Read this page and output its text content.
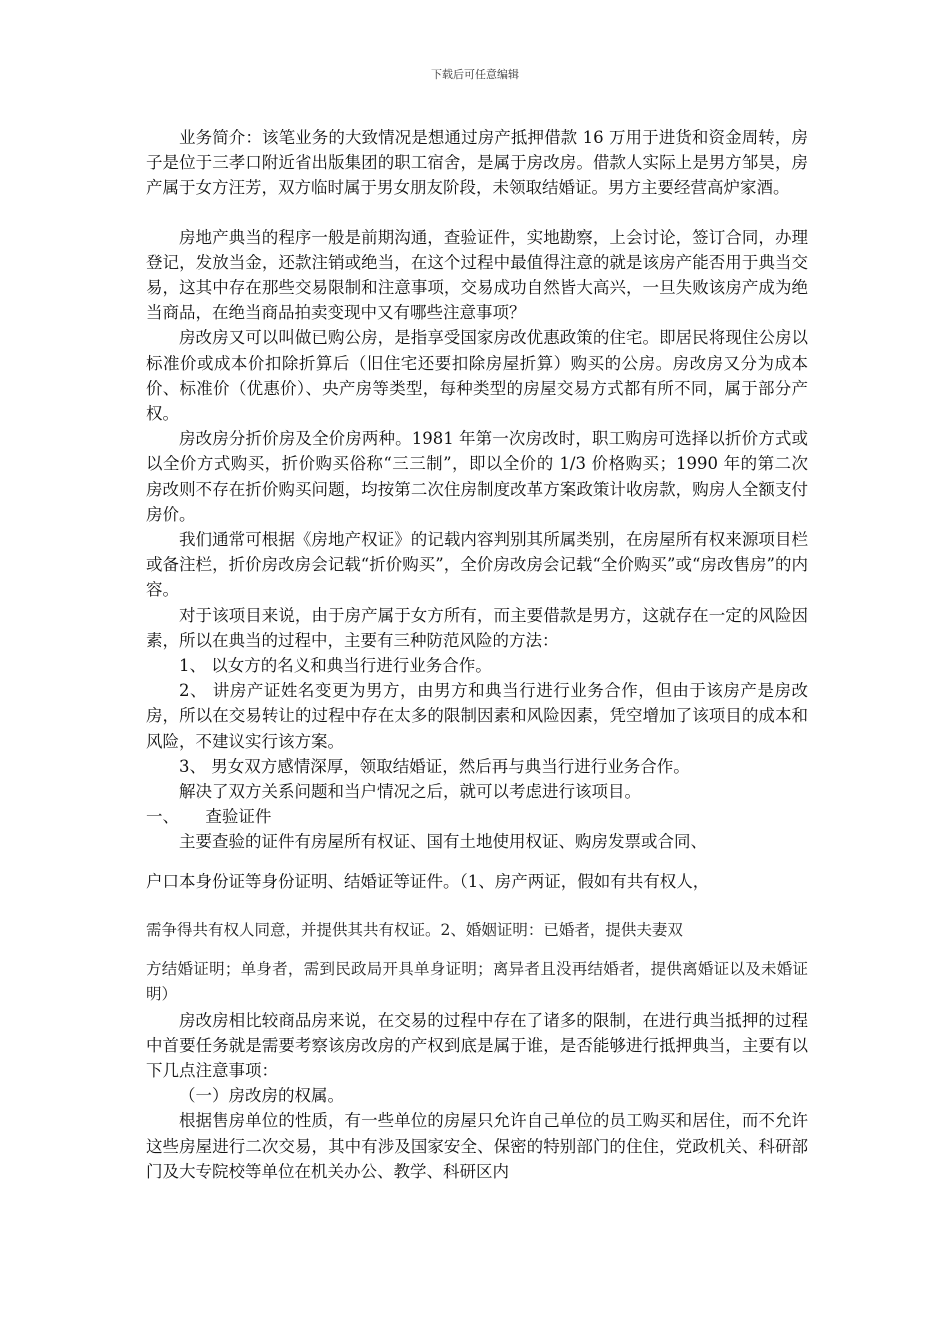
下载后可任意编辑

业务简介：该笔业务的大致情况是想通过房产抵押借款 16 万用于进货和资金周转，房子是位于三孝口附近省出版集团的职工宿舍，是属于房改房。借款人实际上是男方邹昊，房产属于女方汪芳，双方临时属于男女朋友阶段，未领取结婚证。男方主要经营高炉家酒。

房地产典当的程序一般是前期沟通，查验证件，实地勘察，上会讨论，签订合同，办理登记，发放当金，还款注销或绝当，在这个过程中最值得注意的就是该房产能否用于典当交易，这其中存在那些交易限制和注意事项，交易成功自然皆大高兴，一旦失败该房产成为绝当商品，在绝当商品拍卖变现中又有哪些注意事项？

房改房又可以叫做已购公房，是指享受国家房改优惠政策的住宅。即居民将现住公房以标准价或成本价扣除折算后（旧住宅还要扣除房屋折算）购买的公房。房改房又分为成本价、标准价（优惠价）、央产房等类型，每种类型的房屋交易方式都有所不同，属于部分产权。

房改房分折价房及全价房两种。1981 年第一次房改时，职工购房可选择以折价方式或以全价方式购买，折价购买俗称“三三制”，即以全价的 1/3 价格购买；1990 年的第二次房改则不存在折价购买问题，均按第二次住房制度改革方案政策计收房款，购房人全额支付房价。

我们通常可根据《房地产权证》的记载内容判别其所属类别，在房屋所有权来源项目栏或备注栏，折价房改房会记载“折价购买”，全价房改房会记载“全价购买”或“房改售房”的内容。

对于该项目来说，由于房产属于女方所有，而主要借款是男方，这就存在一定的风险因素，所以在典当的过程中，主要有三种防范风险的方法：

1、 以女方的名义和典当行进行业务合作。

2、 讲房产证姓名变更为男方，由男方和典当行进行业务合作，但由于该房产是房改房，所以在交易转让的过程中存在太多的限制因素和风险因素，凭空增加了该项目的成本和风险，不建议实行该方案。

3、 男女双方感情深厚，领取结婚证，然后再与典当行进行业务合作。

解决了双方关系问题和当户情况之后，就可以考虑进行该项目。

一、 查验证件

主要查验的证件有房屋所有权证、国有土地使用权证、购房发票或合同、

户口本身份证等身份证明、结婚证等证件。（1、房产两证，假如有共有权人，

需争得共有权人同意，并提供其共有权证。2、婚姻证明：已婚者，提供夫妻双

方结婚证明；单身者，需到民政局开具单身证明；离异者且没再结婚者，提供离婚证以及未婚证明）

房改房相比较商品房来说，在交易的过程中存在了诸多的限制，在进行典当抵押的过程中首要任务就是需要考察该房改房的产权到底是属于谁，是否能够进行抵押典当，主要有以下几点注意事项：

（一）房改房的权属。

根据售房单位的性质，有一些单位的房屋只允许自己单位的员工购买和居住，而不允许这些房屋进行二次交易，其中有涉及国家安全、保密的特别部门的住住，党政机关、科研部门及大专院校等单位在机关办公、教学、科研区内
